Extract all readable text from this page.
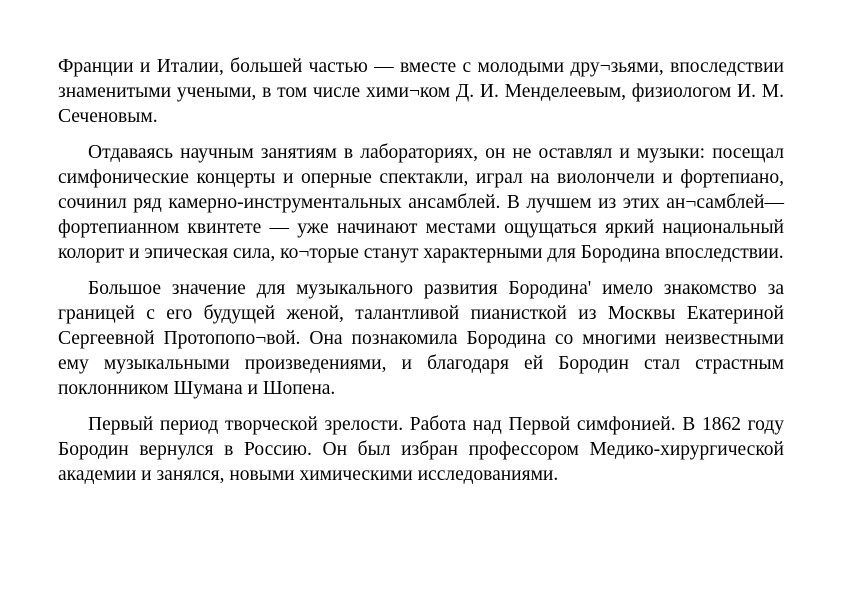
Франции и Италии, большей частью — вместе с молодыми дру¬зьями, впоследствии знаменитыми учеными, в том числе хими¬ком Д. И. Менделеевым, физиологом И. М. Сеченовым.

Отдаваясь научным занятиям в лабораториях, он не оставлял и музыки: посещал симфонические концерты и оперные спектакли, играл на виолончели и фортепиано, сочинил ряд камерно-инструментальных ансамблей. В лучшем из этих ан¬самблей— фортепианном квинтете — уже начинают местами ощущаться яркий национальный колорит и эпическая сила, ко¬торые станут характерными для Бородина впоследствии.

Большое значение для музыкального развития Бородина' имело знакомство за границей с его будущей женой, талантливой пианисткой из Москвы Екатериной Сергеевной Протопопо¬вой. Она познакомила Бородина со многими неизвестными ему музыкальными произведениями, и благодаря ей Бородин стал страстным поклонником Шумана и Шопена.

Первый период творческой зрелости. Работа над Первой симфонией. В 1862 году Бородин вернулся в Россию. Он был избран профессором Медико-хирургической академии и занялся, новыми химическими исследованиями.
